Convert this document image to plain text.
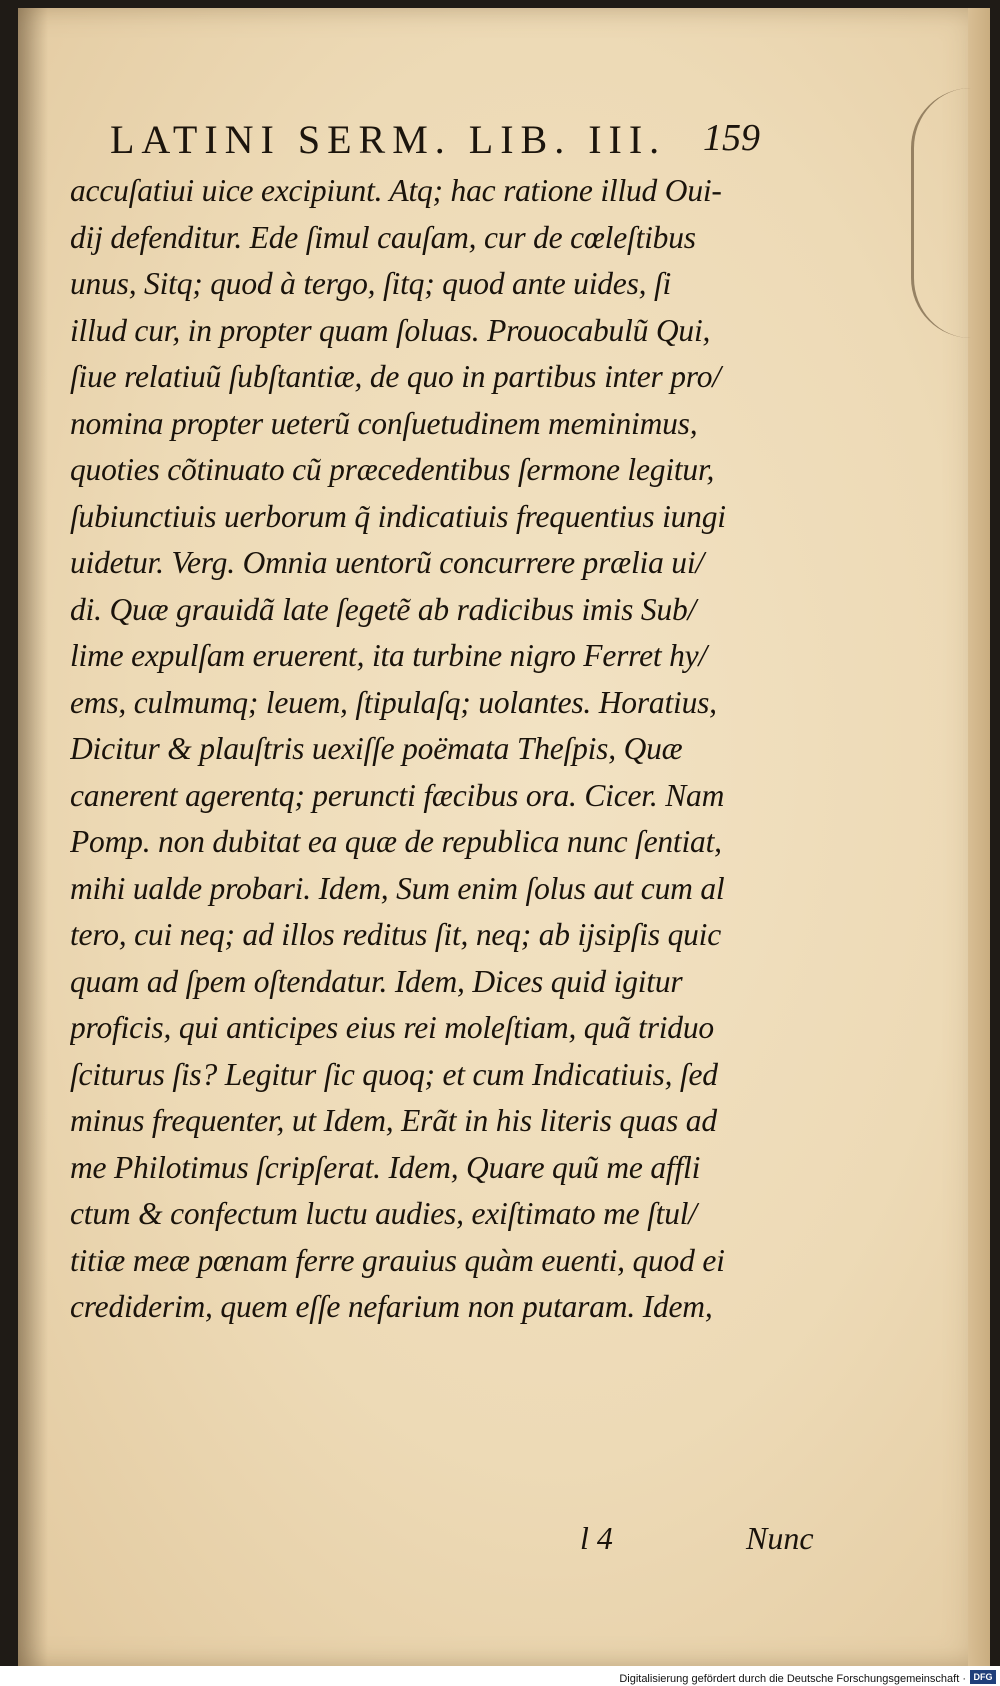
LATINI SERM. LIB. III. 159
accuſatiui uice excipiunt. Atq; hac ratione illud Oui-
dij defenditur. Ede ſimul cauſam, cur de cœleſtibus
unus, Sitq; quod à tergo, ſitq; quod ante uides, ſi
illud cur, in propter quam ſoluas. Prouocabulũ Qui,
ſiue relatiuũ ſubſtantiæ, de quo in partibus inter pro/
nomina propter ueterũ conſuetudinem meminimus,
quoties cõtinuato cũ præcedentibus ſermone legitur,
ſubiunctiuis uerborum q̃ indicatiuis frequentius iungi
uidetur. Verg. Omnia uentorũ concurrere prælia ui/
di. Quæ grauidã late ſegetẽ ab radicibus imis Sub/
lime expulſam eruerent, ita turbine nigro Ferret hy/
ems, culmumq; leuem, ſtipulaſq; uolantes. Horatius,
Dicitur & plauſtris uexiſſe poëmata Theſpis, Quæ
canerent agerentq; peruncti fæcibus ora. Cicer. Nam
Pomp. non dubitat ea quæ de republica nunc ſentiat,
mihi ualde probari. Idem, Sum enim ſolus aut cum al
tero, cui neq; ad illos reditus ſit, neq; ab ijsipſis quic
quam ad ſpem oſtendatur. Idem, Dices quid igitur
proficis, qui anticipes eius rei moleſtiam, quã triduo
ſciturus ſis? Legitur ſic quoq; et cum Indicatiuis, ſed
minus frequenter, ut Idem, Erãt in his literis quas ad
me Philotimus ſcripſerat. Idem, Quare quũ me affli
ctum & confectum luctu audies, exiſtimato me ſtul/
titiæ meæ pœnam ferre grauius quàm euenti, quod ei
crediderim, quem eſſe nefarium non putaram. Idem,
l 4	Nunc
Digitalisierung gefördert durch die Deutsche Forschungsgemeinschaft · DFG
